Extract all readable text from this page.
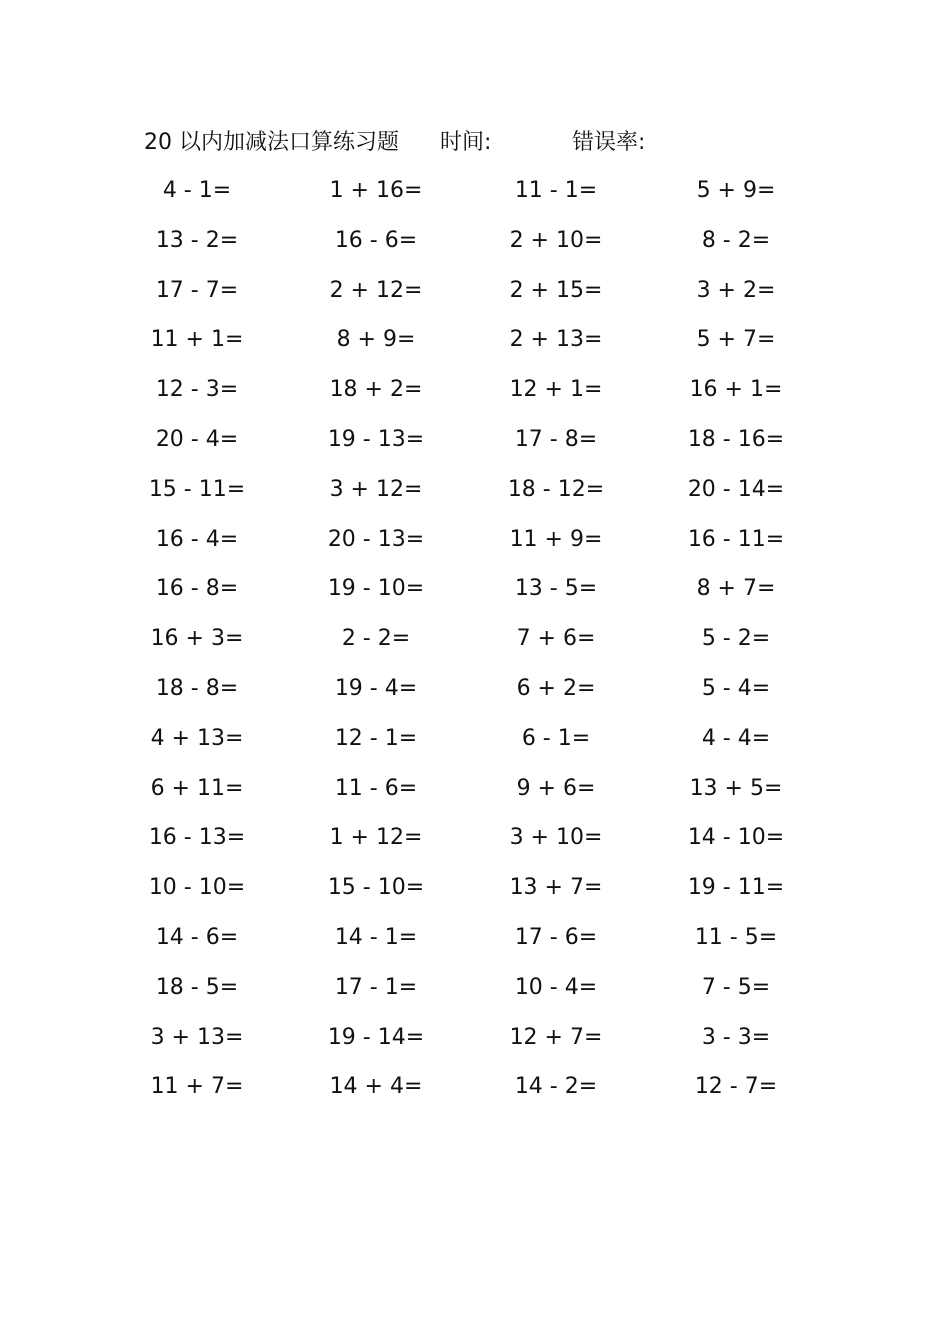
20 以内加减法口算练习题 时间:	错误率:
4 - 1=	1 + 16=	11 - 1=	5 + 9=
13 - 2=	16 - 6=	2 + 10=	8 - 2=
17 - 7=	2 + 12=	2 + 15=	3 + 2=
11 + 1=	8 + 9=	2 + 13=	5 + 7=
12 - 3=	18 + 2=	12 + 1=	16 + 1=
20 - 4=	19 - 13=	17 - 8=	18 - 16=
15 - 11=	3 + 12=	18 - 12=	20 - 14=
16 - 4=	20 - 13=	11 + 9=	16 - 11=
16 - 8=	19 - 10=	13 - 5=	8 + 7=
16 + 3=	2 - 2=	7 + 6=	5 - 2=
18 - 8=	19 - 4=	6 + 2=	5 - 4=
4 + 13=	12 - 1=	6 - 1=	4 - 4=
6 + 11=	11 - 6=	9 + 6=	13 + 5=
16 - 13=	1 + 12=	3 + 10=	14 - 10=
10 - 10=	15 - 10=	13 + 7=	19 - 11=
14 - 6=	14 - 1=	17 - 6=	11 - 5=
18 - 5=	17 - 1=	10 - 4=	7 - 5=
3 + 13=	19 - 14=	12 + 7=	3 - 3=
11 + 7=	14 + 4=	14 - 2=	12 - 7=
